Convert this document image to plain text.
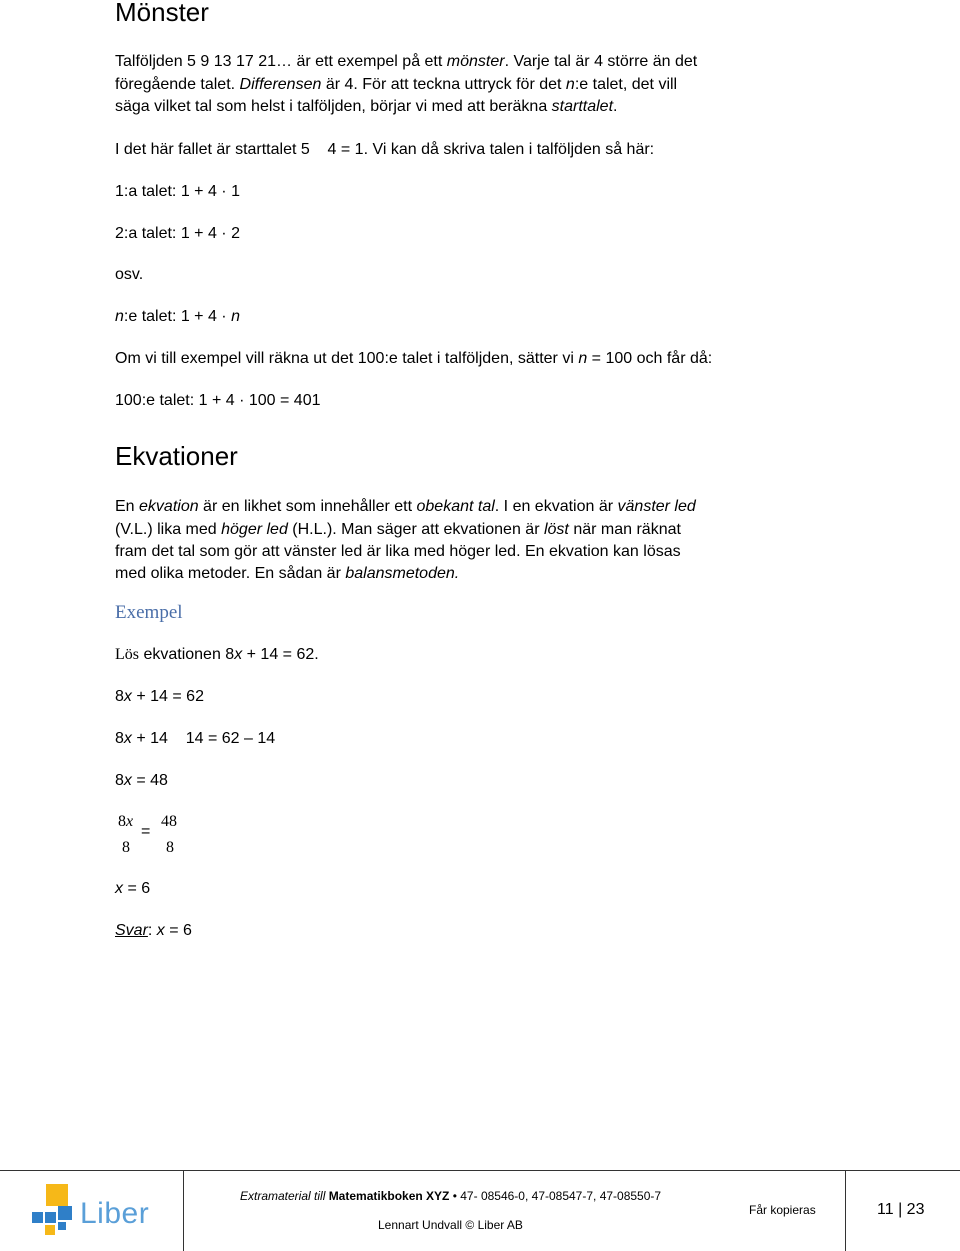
Mönster
Talföljden 5 9 13 17 21… är ett exempel på ett mönster. Varje tal är 4 större än det
föregående talet. Differensen är 4. För att teckna uttryck för det n:e talet, det vill
säga vilket tal som helst i talföljden, börjar vi med att beräkna starttalet.
I det här fallet är starttalet 5    4 = 1. Vi kan då skriva talen i talföljden så här:
1:a talet: 1 + 4 · 1
2:a talet: 1 + 4 · 2
osv.
n:e talet: 1 + 4 · n
Om vi till exempel vill räkna ut det 100:e talet i talföljden, sätter vi n = 100 och får då:
100:e talet: 1 + 4 · 100 = 401
Ekvationer
En ekvation är en likhet som innehåller ett obekant tal. I en ekvation är vänster led
(V.L.) lika med höger led (H.L.). Man säger att ekvationen är löst när man räknat
fram det tal som gör att vänster led är lika med höger led. En ekvation kan lösas
med olika metoder. En sådan är balansmetoden.
Exempel
Lös ekvationen 8x + 14 = 62.
8x + 14 = 62
8x + 14    14 = 62 – 14
8x = 48
8x
8
=
48
8
x = 6
Svar: x = 6
Liber
Extramaterial till Matematikboken XYZ • 47- 08546-0, 47-08547-7, 47-08550-7
Lennart Undvall © Liber AB
Får kopieras	11 | 23
